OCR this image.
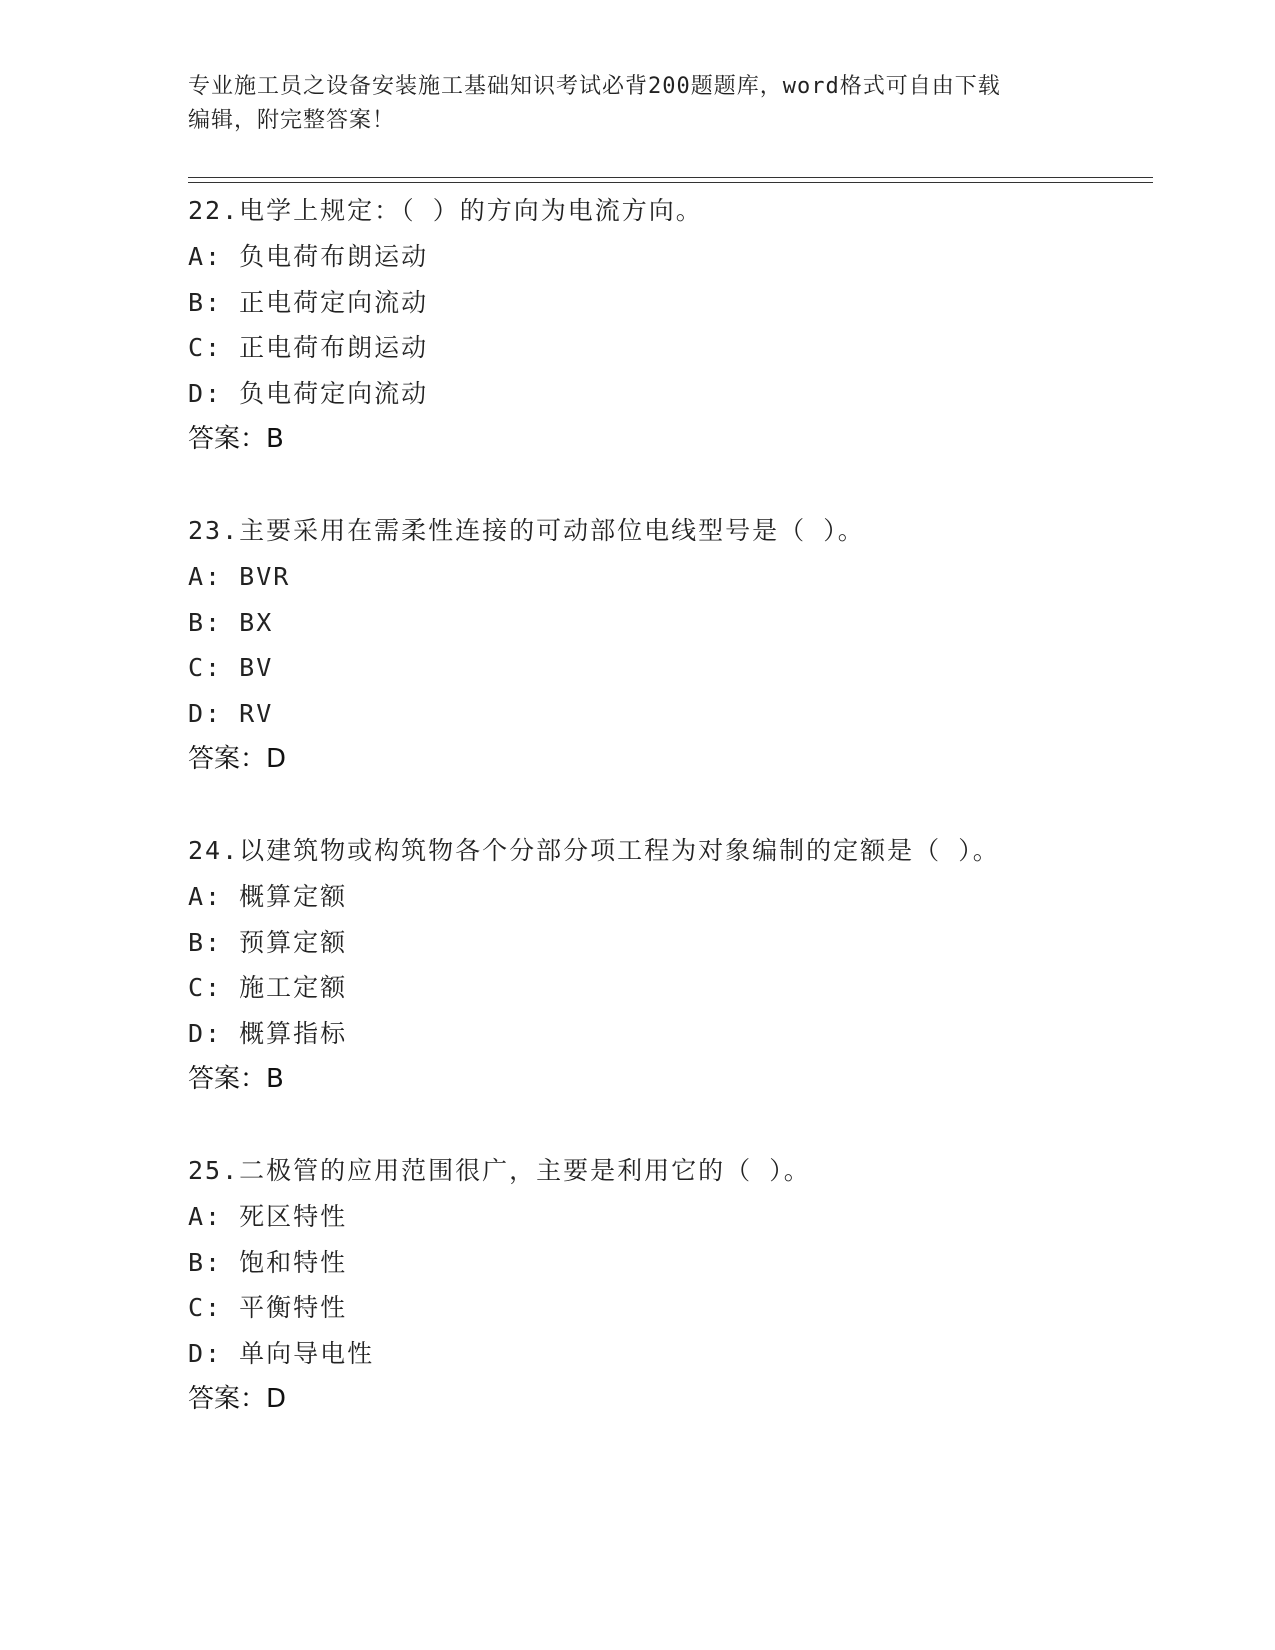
专业施工员之设备安装施工基础知识考试必背200题题库，word格式可自由下载
编辑，附完整答案！
22.电学上规定：（ ）的方向为电流方向。
A: 负电荷布朗运动
B: 正电荷定向流动
C: 正电荷布朗运动
D: 负电荷定向流动
答案：B
23.主要采用在需柔性连接的可动部位电线型号是（ ）。
A: BVR
B: BX
C: BV
D: RV
答案：D
24.以建筑物或构筑物各个分部分项工程为对象编制的定额是（ ）。
A: 概算定额
B: 预算定额
C: 施工定额
D: 概算指标
答案：B
25.二极管的应用范围很广，主要是利用它的（ ）。
A: 死区特性
B: 饱和特性
C: 平衡特性
D: 单向导电性
答案：D
